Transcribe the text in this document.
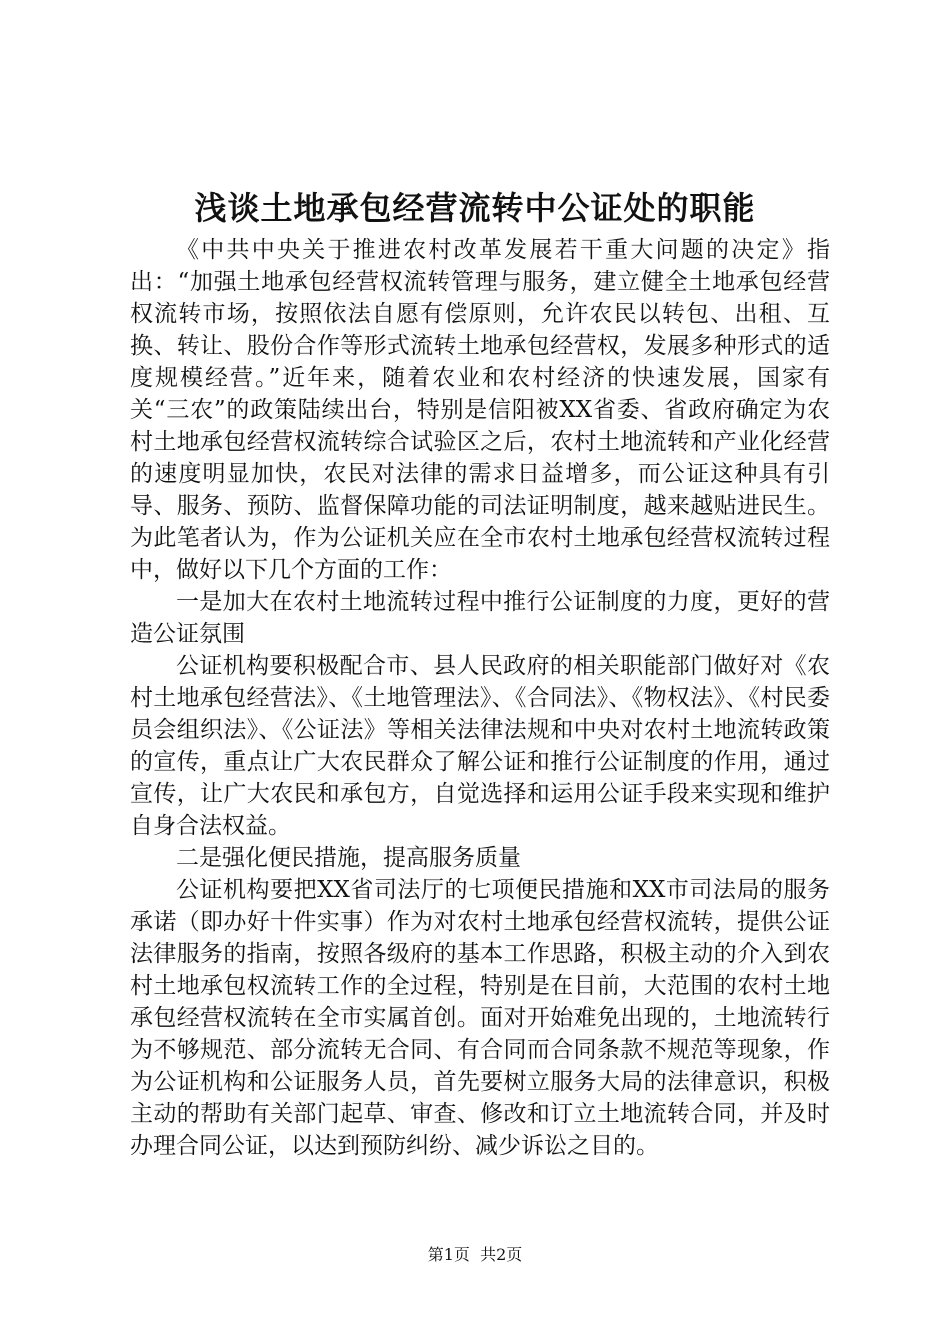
浅谈土地承包经营流转中公证处的职能

《中共中央关于推进农村改革发展若干重大问题的决定》指出：“加强土地承包经营权流转管理与服务，建立健全土地承包经营权流转市场，按照依法自愿有偿原则，允许农民以转包、出租、互换、转让、股份合作等形式流转土地承包经营权，发展多种形式的适度规模经营。”近年来，随着农业和农村经济的快速发展，国家有关“三农”的政策陆续出台，特别是信阳被XX省委、省政府确定为农村土地承包经营权流转综合试验区之后，农村土地流转和产业化经营的速度明显加快，农民对法律的需求日益增多，而公证这种具有引导、服务、预防、监督保障功能的司法证明制度，越来越贴进民生。为此笔者认为，作为公证机关应在全市农村土地承包经营权流转过程中，做好以下几个方面的工作：

一是加大在农村土地流转过程中推行公证制度的力度，更好的营造公证氛围

公证机构要积极配合市、县人民政府的相关职能部门做好对《农村土地承包经营法》、《土地管理法》、《合同法》、《物权法》、《村民委员会组织法》、《公证法》等相关法律法规和中央对农村土地流转政策的宣传，重点让广大农民群众了解公证和推行公证制度的作用，通过宣传，让广大农民和承包方，自觉选择和运用公证手段来实现和维护自身合法权益。

二是强化便民措施，提高服务质量

公证机构要把XX省司法厅的七项便民措施和XX市司法局的服务承诺（即办好十件实事）作为对农村土地承包经营权流转，提供公证法律服务的指南，按照各级府的基本工作思路，积极主动的介入到农村土地承包权流转工作的全过程，特别是在目前，大范围的农村土地承包经营权流转在全市实属首创。面对开始难免出现的，土地流转行为不够规范、部分流转无合同、有合同而合同条款不规范等现象，作为公证机构和公证服务人员，首先要树立服务大局的法律意识，积极主动的帮助有关部门起草、审查、修改和订立土地流转合同，并及时办理合同公证，以达到预防纠纷、减少诉讼之目的。

第1页 共2页
